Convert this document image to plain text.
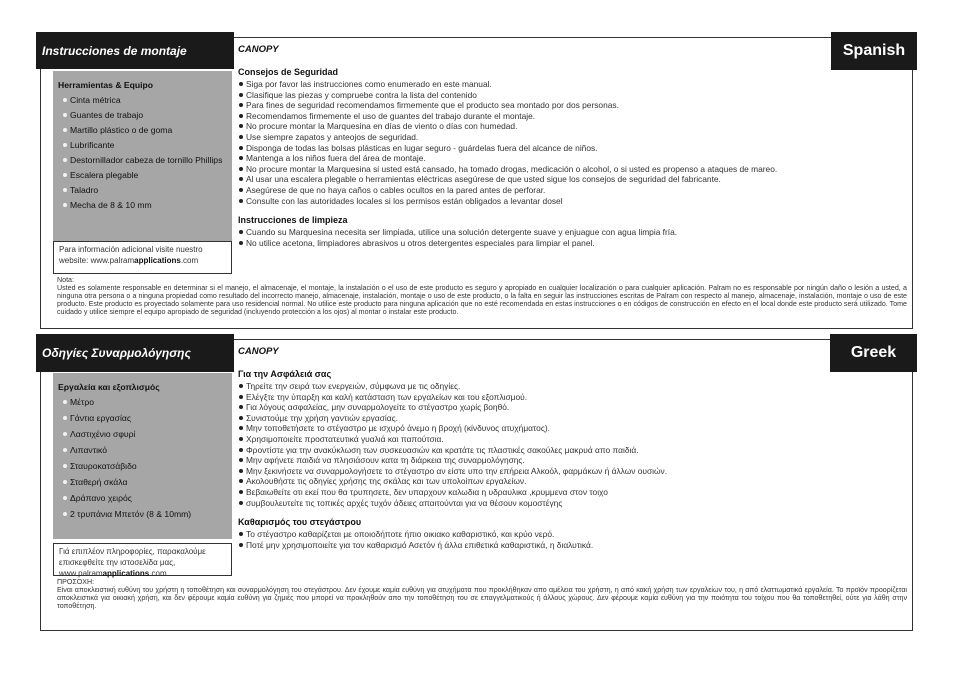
Instrucciones de montaje	Spanish
Herramientas & Equipo
Cinta métrica
Guantes de trabajo
Martillo plástico o de goma
Lubrificante
Destornillador cabeza de tornillo Phillips
Escalera plegable
Taladro
Mecha de 8 & 10 mm
Para información adicional visite nuestro website: www.palramapplications.com
CANOPY
Consejos de Seguridad
Siga por favor las instrucciones como enumerado en este manual.
Clasifique las piezas y compruebe contra la lista del contenido
Para fines de seguridad recomendamos firmemente que el producto sea montado por dos personas.
Recomendamos firmemente el uso de guantes del trabajo durante el montaje.
No procure montar la Marquesina en días de viento o días con humedad.
Use siempre zapatos y anteojos de seguridad.
Disponga de todas las bolsas plásticas en lugar seguro - guárdelas fuera del alcance de niños.
Mantenga a los niños fuera del área de montaje.
No procure montar la Marquesina si usted está cansado, ha tomado drogas, medicación o alcohol, o si usted es propenso a ataques de mareo.
Al usar una escalera plegable o herramientas eléctricas asegúrese de que usted sigue los consejos de seguridad del fabricante.
Asegúrese de que no haya caños o cables ocultos en la pared antes de perforar.
Consulte con las autoridades locales si los permisos están obligados a levantar dosel
Instrucciones de limpieza
Cuando su Marquesina necesita ser limpiada, utilice una solución detergente suave y enjuague con agua limpia fría.
No utilice acetona, limpiadores abrasivos u otros detergentes especiales para limpiar el panel.
Nota:
Usted es solamente responsable en determinar si el manejo, el almacenaje, el montaje, la instalación o el uso de este producto es seguro y apropiado en cualquier localización o para cualquier aplicación. Palram no es responsable por ningún daño o lesión a usted, a ninguna otra persona o a ninguna propiedad como resultado del incorrecto manejo, almacenaje, instalación, montaje o uso de este producto, o la falta en seguir las instrucciones escritas de Palram con respecto al manejo, almacenaje, instalación, montaje o uso de este producto. Este producto es proyectado solamente para uso residencial normal. No utilice este producto para ninguna aplicación que no esté recomendada en estas instrucciones o en códigos de construcción en efecto en el local donde este producto será utilizado. Tome cuidado y utilice siempre el equipo apropiado de seguridad (incluyendo protección a los ojos) al montar o instalar este producto.
Οδηγίες Συναρμολόγησης	Greek
Εργαλεία και εξοπλισμός
Μέτρο
Γάντια εργασίας
Λαστιχένιο σφυρί
Λιπαντικό
Σταυροκατσάβιδο
Σταθερή σκάλα
Δράπανο χειρός
2 τρυπάνια Μπετόν (8 & 10mm)
Γιά επιπλέον πληροφορίες, παρακαλούμε επισκεφθείτε την ιστοσελίδα μας, www.palramapplications.com
CANOPY
Για την Ασφάλειά σας
Τηρείτε την σειρά των ενεργειών, σύμφωνα με τις οδηγίες.
Ελέγξτε την ύπαρξη και καλή κατάσταση των εργαλείων και του εξοπλισμού.
Για λόγους ασφαλείας, μην συναρμολογείτε το στέγαστρο χωρίς βοηθό.
Συνιστούμε την χρήση γαντιών εργασίας.
Μην τοποθετήσετε το στέγαστρο με ισχυρό άνεμο η βροχή (κίνδυνος ατυχήματος).
Χρησιμοποιείτε προστατευτικά γυαλιά και παπούτσια.
Φροντίστε για την ανακύκλωση των συσκευασιών και κρατάτε τις πλαστικές σακούλες μακρυά απο παιδιά.
Μην αφήνετε παιδιά να πλησιάσουν κατα τη διάρκεια της συναρμολόγησης.
Μην ξεκινήσετε να συναρμολογήσετε το στέγαστρο αν είστε υπο την επήρεια Αλκοόλ, φαρμάκων ή άλλων ουσιών.
Ακολουθήστε τις οδηγίες χρήσης της σκάλας και των υπολοίπων εργαλείων.
Βεβαιωθείτε οτι εκεί που θα τρυπησετε, δεν υπαρχουν καλωδια η υδραυλικα ,κρυμμενα στον τοιχο
συμβουλευτείτε τις τοπικές αρχές τυχόν άδειες απαιτούνται για να θέσουν κομοστέγης
Καθαρισμός του στεγάστρου
Το στέγαστρο καθαρίζεται με οποιοδήποτε ήπιο οικιακο καθαριστικό, και κρύο νερό.
Ποτέ μην χρησιμοποιείτε για τον καθαρισμό Ασετόν ή άλλα επιθετικά καθαριστικά, η διαλυτικά.
ΠΡΟΣΟΧΗ:
Είναι αποκλειστική ευθύνη του χρήστη η τοποθέτηση και συναρμολόγηση του στεγάστρου. Δεν έχουμε καμία ευθύνη για ατυχήματα που προκλήθηκαν απο αμέλεια του χρήστη, η από κακή χρήση των εργαλείων του, η από ελαττωματικά εργαλεία. Το προϊόν προορίζεται αποκλειστικά για οικιακή χρήση, και δεν φέρουμε καμία ευθύνη για ζημιές που μπορεί να προκληθούν απο την τοποθέτηση του σε επαγγελματικούς ή άλλους χώρους. Δεν φέρουμε καμία ευθύνη για την ποιότητα του τοίχου που θα τοποθετηθεί, ούτε για λάθη στην τοποθέτηση.
